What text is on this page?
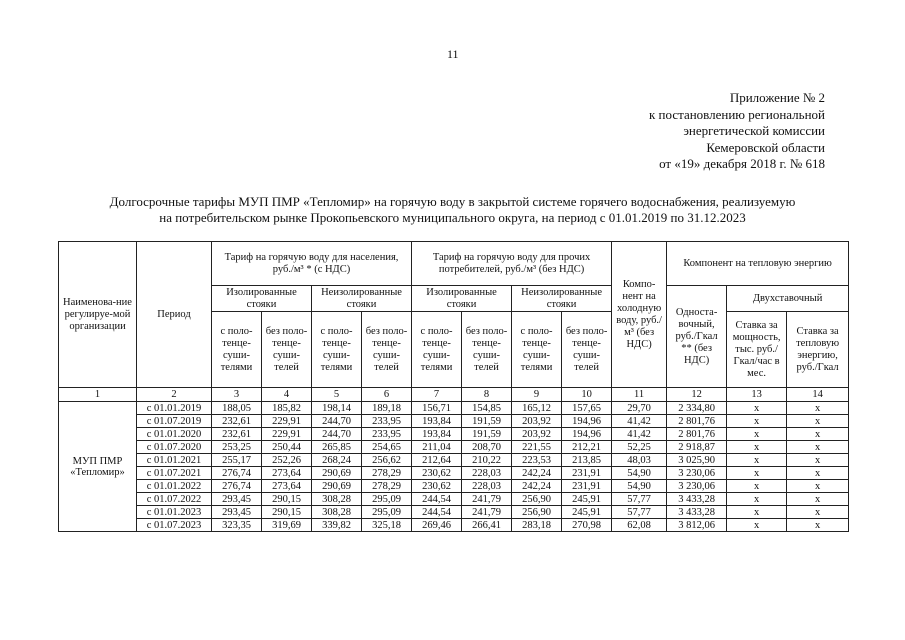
11
Приложение № 2
к постановлению региональной
энергетической комиссии
Кемеровской области
от «19» декабря 2018 г. № 618
Долгосрочные тарифы МУП ПМР «Тепломир» на горячую воду в закрытой системе горячего водоснабжения, реализуемую
на потребительском рынке Прокопьевского муниципального округа, на период с 01.01.2019 по 31.12.2023
Наименова-ние регулируе-мой организации	Период	Тариф на горячую воду для населения, руб./м³ * (с НДС)				Тариф на горячую воду для прочих потребителей, руб./м³ (без НДС)				Компо-нент на холодную воду, руб./м³ (без НДС)	Компонент на тепловую энергию		
		Изолированные стояки		Неизолированные стояки		Изолированные стояки		Неизолированные стояки			Односта-вочный, руб./Гкал ** (без НДС)	Двухставочный	
		с поло-тенце-суши-телями	без поло-тенце-суши-телей	с поло-тенце-суши-телями	без поло-тенце-суши-телей	с поло-тенце-суши-телями	без поло-тенце-суши-телей	с поло-тенце-суши-телями	без поло-тенце-суши-телей			Ставка за мощность, тыс. руб./Гкал/час в мес.	Ставка за тепловую энергию, руб./Гкал

1	2	3	4	5	6	7	8	9	10	11	12	13	14
МУП ПМР «Тепломир»	с 01.01.2019	188,05	185,82	198,14	189,18	156,71	154,85	165,12	157,65	29,70	2 334,80	x	x
	с 01.07.2019	232,61	229,91	244,70	233,95	193,84	191,59	203,92	194,96	41,42	2 801,76	x	x
	с 01.01.2020	232,61	229,91	244,70	233,95	193,84	191,59	203,92	194,96	41,42	2 801,76	x	x
	с 01.07.2020	253,25	250,44	265,85	254,65	211,04	208,70	221,55	212,21	52,25	2 918,87	x	x
	с 01.01.2021	255,17	252,26	268,24	256,62	212,64	210,22	223,53	213,85	48,03	3 025,90	x	x
	с 01.07.2021	276,74	273,64	290,69	278,29	230,62	228,03	242,24	231,91	54,90	3 230,06	x	x
	с 01.01.2022	276,74	273,64	290,69	278,29	230,62	228,03	242,24	231,91	54,90	3 230,06	x	x
	с 01.07.2022	293,45	290,15	308,28	295,09	244,54	241,79	256,90	245,91	57,77	3 433,28	x	x
	с 01.01.2023	293,45	290,15	308,28	295,09	244,54	241,79	256,90	245,91	57,77	3 433,28	x	x
	с 01.07.2023	323,35	319,69	339,82	325,18	269,46	266,41	283,18	270,98	62,08	3 812,06	x	x
